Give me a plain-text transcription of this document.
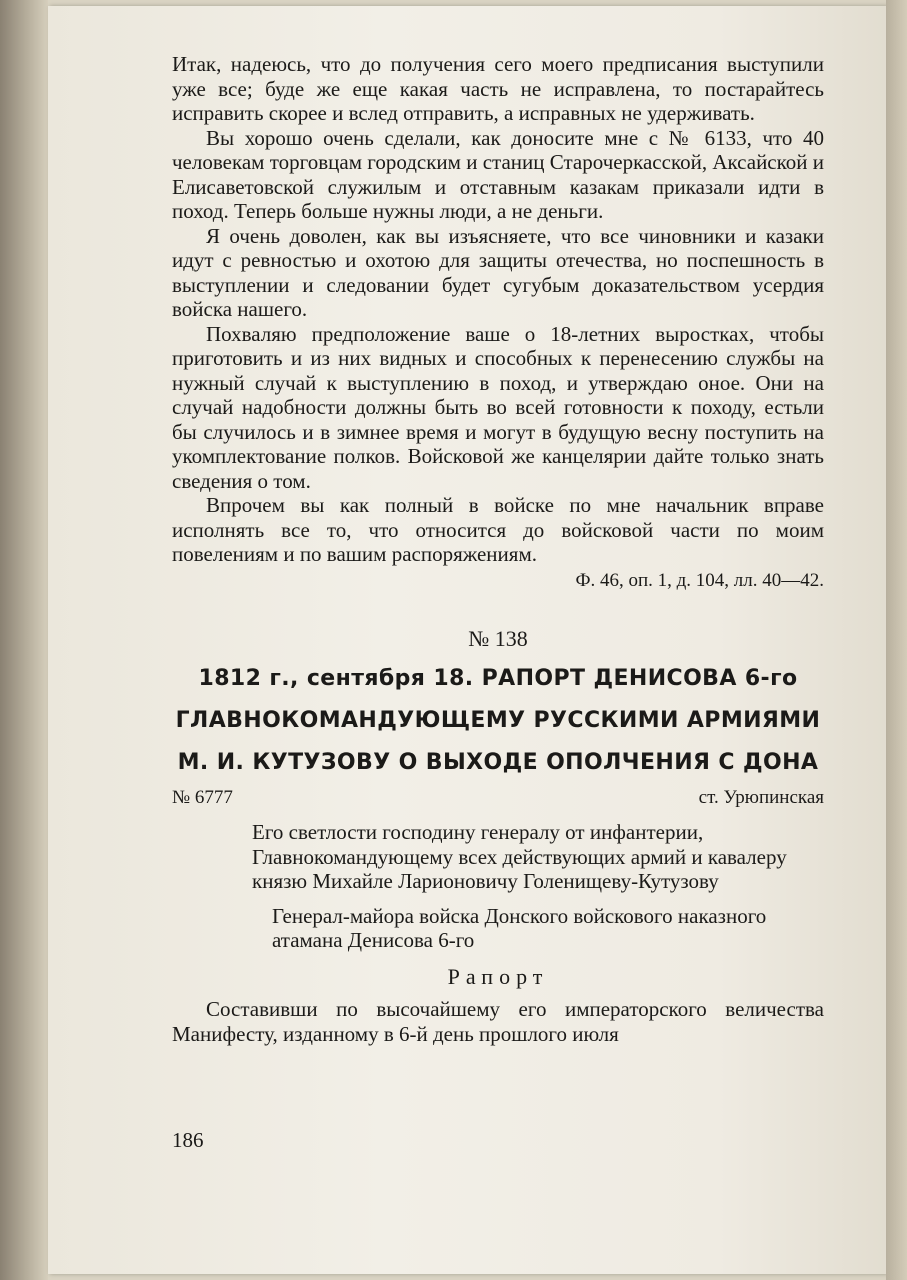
Итак, надеюсь, что до получения сего моего предписания выступили уже все; буде же еще какая часть не исправлена, то постарайтесь исправить скорее и вслед отправить, а исправных не удерживать.

Вы хорошо очень сделали, как доносите мне с № 6133, что 40 человекам торговцам городским и станиц Старочеркасской, Аксайской и Елисаветовской служилым и отставным казакам приказали идти в поход. Теперь больше нужны люди, а не деньги.

Я очень доволен, как вы изъясняете, что все чиновники и казаки идут с ревностью и охотою для защиты отечества, но поспешность в выступлении и следовании будет сугубым доказательством усердия войска нашего.

Похваляю предположение ваше о 18-летних выростках, чтобы приготовить и из них видных и способных к перенесению службы на нужный случай к выступлению в поход, и утверждаю оное. Они на случай надобности должны быть во всей готовности к походу, естьли бы случилось и в зимнее время и могут в будущую весну поступить на укомплектование полков. Войсковой же канцелярии дайте только знать сведения о том.

Впрочем вы как полный в войске по мне начальник вправе исполнять все то, что относится до войсковой части по моим повелениям и по вашим распоряжениям.

Ф. 46, оп. 1, д. 104, лл. 40—42.

№ 138

1812 г., сентября 18. РАПОРТ ДЕНИСОВА 6-го

ГЛАВНОКОМАНДУЮЩЕМУ РУССКИМИ АРМИЯМИ

М. И. КУТУЗОВУ О ВЫХОДЕ ОПОЛЧЕНИЯ С ДОНА

№ 6777	ст. Урюпинская

Его светлости господину генералу от инфантерии, Главнокомандующему всех действующих армий и кавалеру князю Михайле Ларионовичу Голенищеву-Кутузову

Генерал-майора войска Донского войскового наказного атамана Денисова 6-го

Рапорт

Составивши по высочайшему его императорского величества Манифесту, изданному в 6-й день прошлого июля

186
